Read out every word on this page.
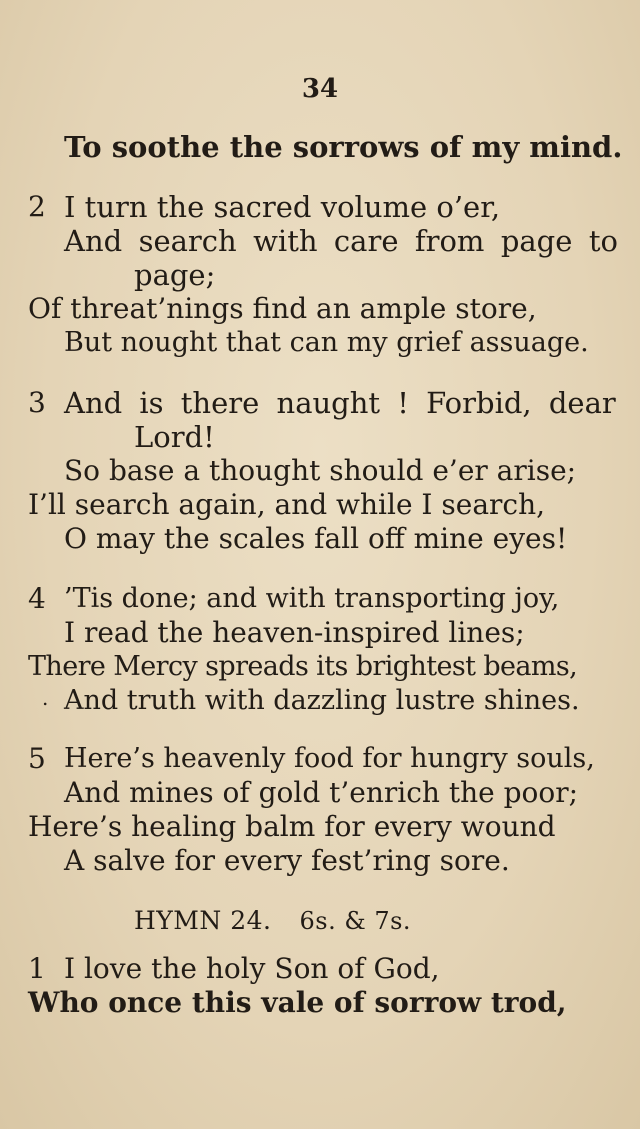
34
To soothe the sorrows of my mind.
2 I turn the sacred volume o’er,
And search with care from page to
page;
Of threat’nings find an ample store,
But nought that can my grief assuage.
3 And is there naught ! Forbid, dear
Lord!
So base a thought should e’er arise;
I’ll search again, and while I search,
O may the scales fall off mine eyes!
4 ’Tis done; and with transporting joy,
I read the heaven-inspired lines;
There Mercy spreads its brightest beams,
. And truth with dazzling lustre shines.
5 Here’s heavenly food for hungry souls,
And mines of gold t’enrich the poor;
Here’s healing balm for every wound
A salve for every fest’ring sore.
HYMN 24. 6s. & 7s.
1 I love the holy Son of God,
Who once this vale of sorrow trod,
